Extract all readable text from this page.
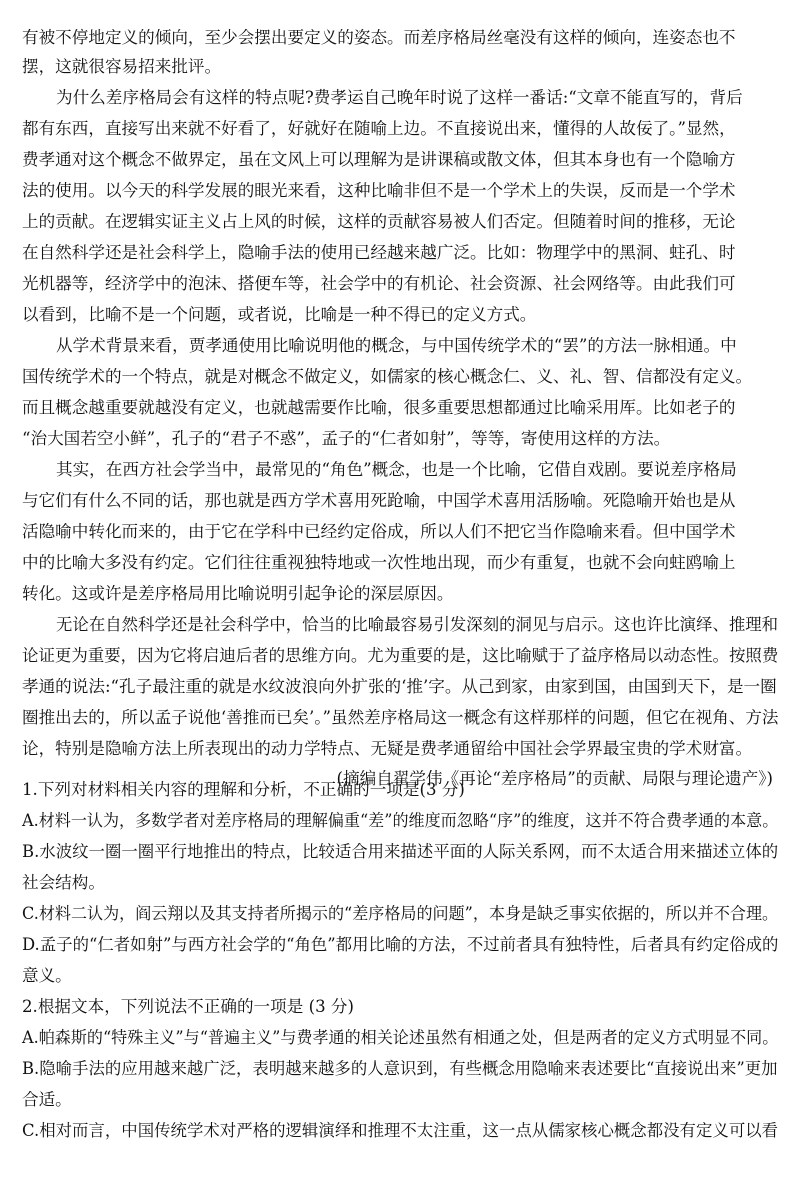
有被不停地定义的倾向，至少会摆出要定义的姿态。而差序格局丝毫没有这样的倾向，连姿态也不
摆，这就很容易招来批评。
为什么差序格局会有这样的特点呢?费孝运自己晚年时说了这样一番话:“文章不能直写的，背后
都有东西，直接写出来就不好看了，好就好在随喻上边。不直接说出来，懂得的人故佞了。”显然，
费孝通对这个概念不做界定，虽在文风上可以理解为是讲课稿或散文体，但其本身也有一个隐喻方
法的使用。以今天的科学发展的眼光来看，这种比喻非但不是一个学术上的失误，反而是一个学术
上的贡献。在逻辑实证主义占上风的时候，这样的贡献容易被人们否定。但随着时间的推移，无论
在自然科学还是社会科学上，隐喻手法的使用已经越来越广泛。比如：物理学中的黑洞、蛀孔、时
光机器等，经济学中的泡沫、搭便车等，社会学中的有机论、社会资源、社会网络等。由此我们可
以看到，比喻不是一个问题，或者说，比喻是一种不得已的定义方式。
从学术背景来看，贾孝通使用比喻说明他的概念，与中国传统学术的“罢”的方法一脉相通。中
国传统学术的一个特点，就是对概念不做定义，如儒家的核心概念仁、义、礼、智、信都没有定义。
而且概念越重要就越没有定义，也就越需要作比喻，很多重要思想都通过比喻采用厍。比如老子的
“治大国若空小鲜”，孔子的“君子不惑”，孟子的“仁者如射”，等等，寄使用这样的方法。
其实，在西方社会学当中，最常见的“角色”概念，也是一个比喻，它借自戏剧。要说差序格局
与它们有什么不同的话，那也就是西方学术喜用死跄喻，中国学术喜用活肠喻。死隐喻开始也是从
活隐喻中转化而来的，由于它在学科中已经约定俗成，所以人们不把它当作隐喻来看。但中国学术
中的比喻大多没有约定。它们往往重视独特地或一次性地出现，而少有重复，也就不会向蛀鸥喻上
转化。这或许是差序格局用比喻说明引起争论的深层原因。
无论在自然科学还是社会科学中，恰当的比喻最容易引发深刻的洞见与启示。这也许比演绎、推理和
论证更为重要，因为它将启迪后者的思维方向。尤为重要的是，这比喻赋于了益序格局以动态性。按照费
孝通的说法:“孔子最注重的就是水纹波浪向外扩张的‘推’字。从己到家，由家到国，由国到天下，是一圈
圈推出去的，所以孟子说他‘善推而已矣’。”虽然差序格局这一概念有这样那样的问题，但它在视角、方法
论，特别是隐喻方法上所表现出的动力学特点、无疑是费孝通留给中国社会学界最宝贵的学术财富。
(摘编自翟学伟《再论“差序格局”的贡献、局限与理论遗产》)
1.下列对材料相关内容的理解和分析，不正确的一项是(3 分)
A.材料一认为，多数学者对差序格局的理解偏重“差”的维度而忽略“序”的维度，这并不符合费孝通的本意。
B.水波纹一圈一圈平行地推出的特点，比较适合用来描述平面的人际关系网，而不太适合用来描述立体的
社会结构。
C.材料二认为，阎云翔以及其支持者所揭示的“差序格局的问题”，本身是缺乏事实依据的，所以并不合理。
D.孟子的“仁者如射”与西方社会学的“角色”都用比喻的方法，不过前者具有独特性，后者具有约定俗成的
意义。
2.根据文本，下列说法不正确的一项是 (3 分)
A.帕森斯的“特殊主义”与“普遍主义”与费孝通的相关论述虽然有相通之处，但是两者的定义方式明显不同。
B.隐喻手法的应用越来越广泛，表明越来越多的人意识到，有些概念用隐喻来表述要比“直接说出来”更加
合适。
C.相对而言，中国传统学术对严格的逻辑演绎和推理不太注重，这一点从儒家核心概念都没有定义可以看
